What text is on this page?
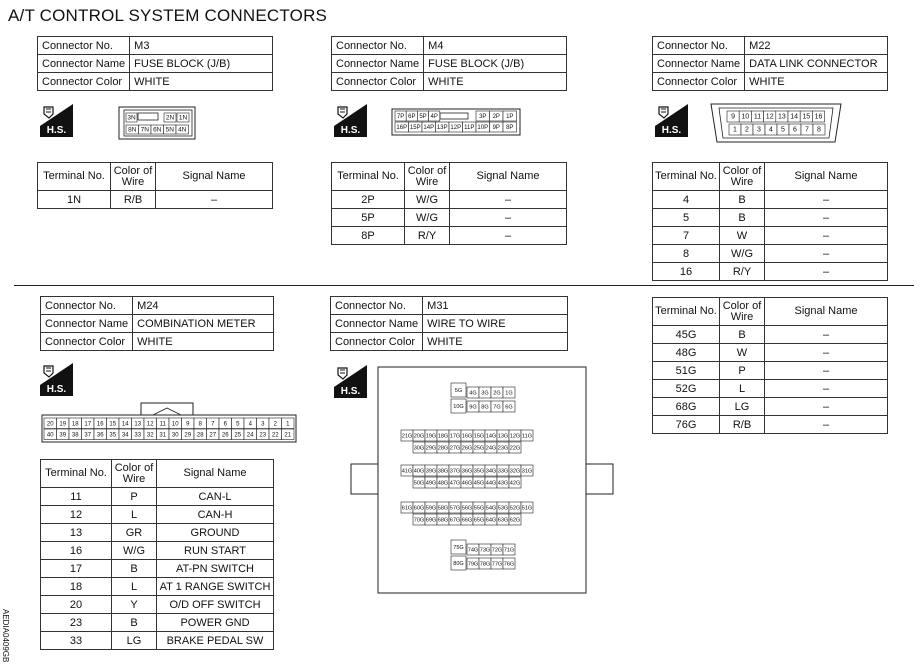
A/T CONTROL SYSTEM CONNECTORS
Connector No.	M3
Connector Name	FUSE BLOCK (J/B)
Connector Color	WHITE
H.S.
3N	2N 1N
8N 7N 6N 5N 4N
Terminal No.	Color of Wire	Signal Name
1N	R/B	–
Connector No.	M4
Connector Name	FUSE BLOCK (J/B)
Connector Color	WHITE
H.S.
7P 6P 5P 4P	3P 2P 1P
16P 15P 14P 13P 12P 11P 10P 9P 8P
Terminal No.	Color of Wire	Signal Name
2P	W/G	–
5P	W/G	–
8P	R/Y	–
Connector No.	M22
Connector Name	DATA LINK CONNECTOR
Connector Color	WHITE
H.S.
9 10 11 12 13 14 15 16
1 2 3 4 5 6 7 8
Terminal No.	Color of Wire	Signal Name
4	B	–
5	B	–
7	W	–
8	W/G	–
16	R/Y	–
Connector No.	M24
Connector Name	COMBINATION METER
Connector Color	WHITE
H.S.
20 19 18 17 16 15 14 13 12 11 10 9 8 7 6 5 4 3 2 1
40 39 38 37 36 35 34 33 32 31 30 29 28 27 26 25 24 23 22 21
Terminal No.	Color of Wire	Signal Name
11	P	CAN-L
12	L	CAN-H
13	GR	GROUND
16	W/G	RUN START
17	B	AT-PN SWITCH
18	L	AT 1 RANGE SWITCH
20	Y	O/D OFF SWITCH
23	B	POWER GND
33	LG	BRAKE PEDAL SW
Connector No.	M31
Connector Name	WIRE TO WIRE
Connector Color	WHITE
H.S.	5G 4G 3G 2G 1G
10G 9G 8G 7G 6G
21G 20G 19G 18G 17G 16G 15G 14G 13G 12G 11G
30G 29G 28G 27G 26G 25G 24G 23G 22G
41G 40G 39G 38G 37G 36G 35G 34G 33G 32G 31G
50G 49G 48G 47G 46G 45G 44G 43G 42G
61G 60G 59G 58G 57G 56G 55G 54G 53G 52G 51G
70G 69G 68G 67G 66G 65G 64G 63G 62G
75G 74G 73G 72G 71G
80G 79G 78G 77G 76G
Terminal No.	Color of Wire	Signal Name
45G	B	–
48G	W	–
51G	P	–
52G	L	–
68G	LG	–
76G	R/B	–
AEDIA0409GB
